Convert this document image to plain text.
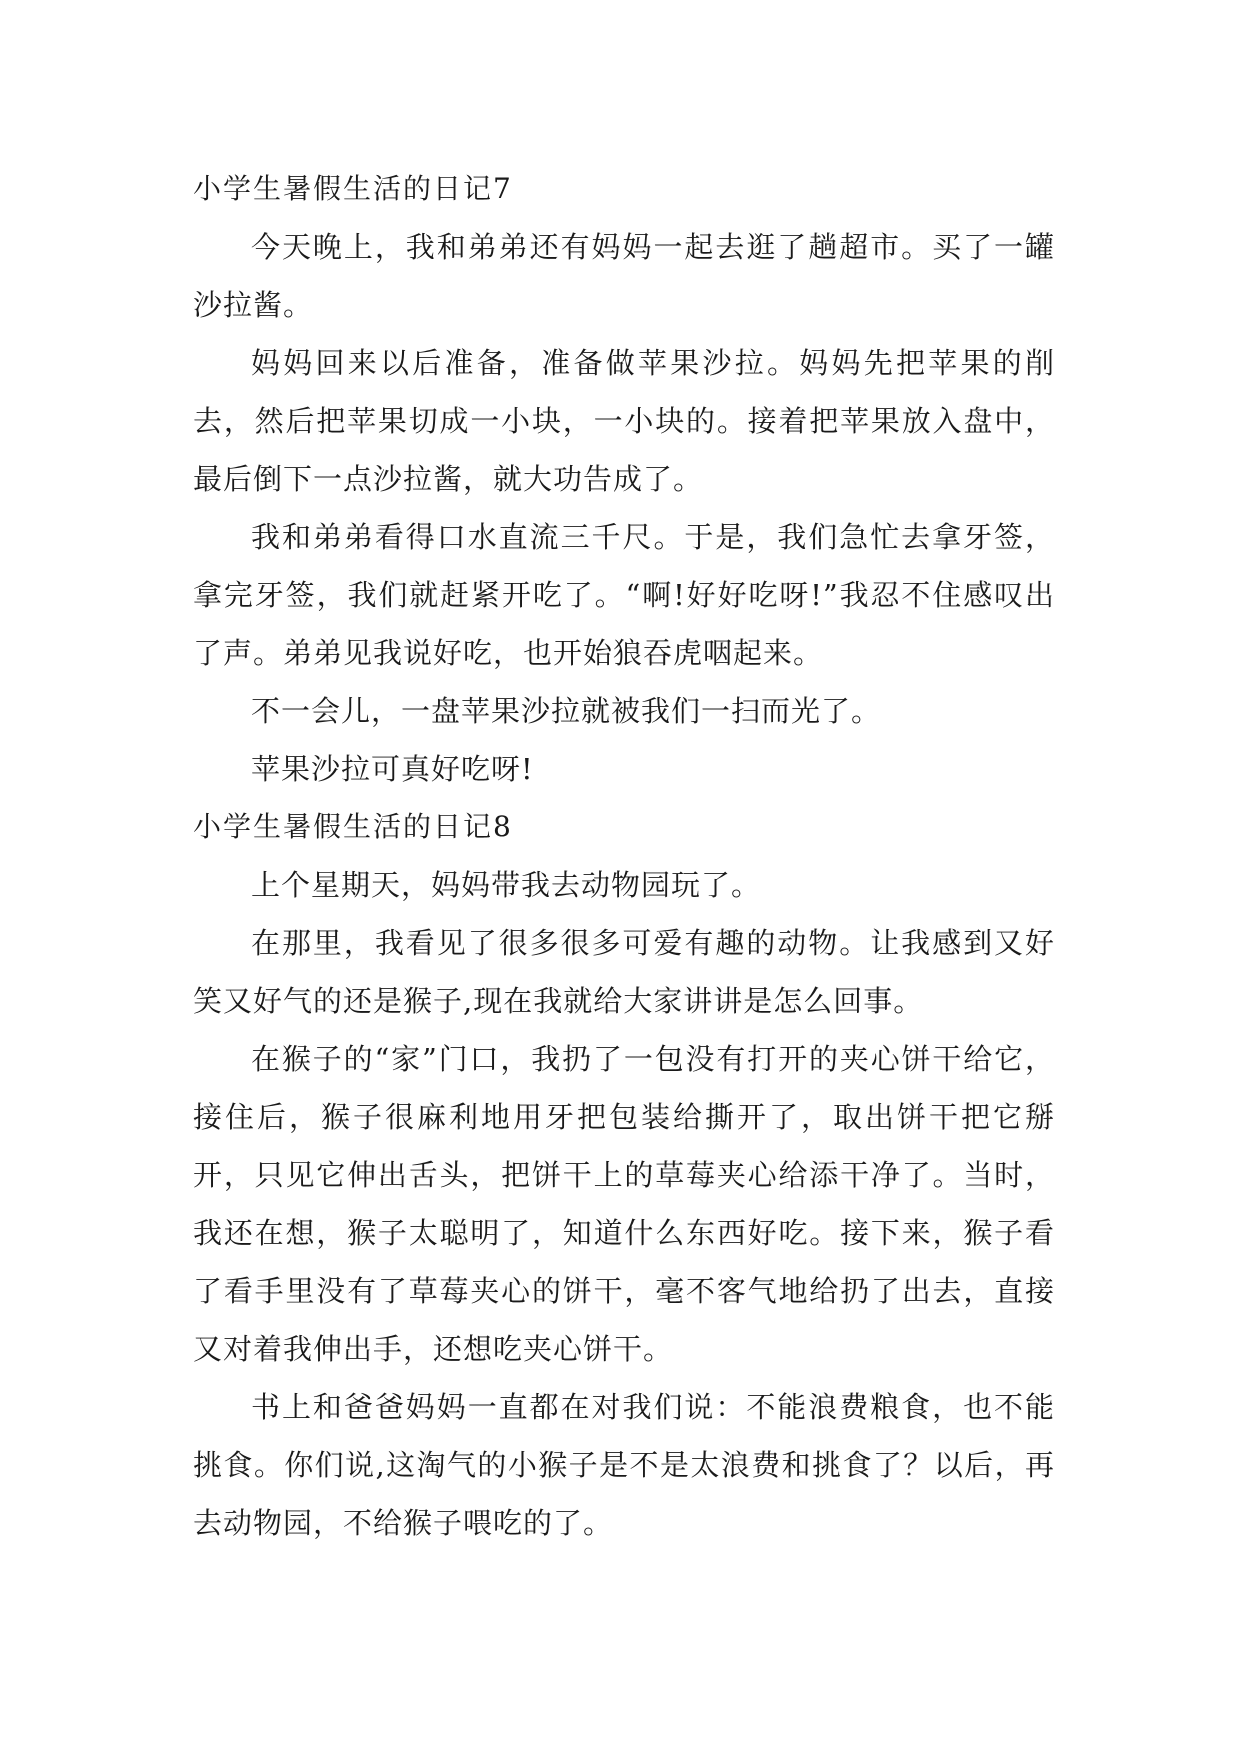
小学生暑假生活的日记7

今天晚上，我和弟弟还有妈妈一起去逛了趟超市。买了一罐沙拉酱。

妈妈回来以后准备，准备做苹果沙拉。妈妈先把苹果的削去，然后把苹果切成一小块，一小块的。接着把苹果放入盘中，最后倒下一点沙拉酱，就大功告成了。

我和弟弟看得口水直流三千尺。于是，我们急忙去拿牙签，拿完牙签，我们就赶紧开吃了。“啊!好好吃呀!”我忍不住感叹出了声。弟弟见我说好吃，也开始狼吞虎咽起来。

不一会儿，一盘苹果沙拉就被我们一扫而光了。

苹果沙拉可真好吃呀!

小学生暑假生活的日记8

上个星期天，妈妈带我去动物园玩了。

在那里，我看见了很多很多可爱有趣的动物。让我感到又好笑又好气的还是猴子,现在我就给大家讲讲是怎么回事。

在猴子的“家”门口，我扔了一包没有打开的夹心饼干给它，接住后，猴子很麻利地用牙把包装给撕开了，取出饼干把它掰开，只见它伸出舌头，把饼干上的草莓夹心给添干净了。当时，我还在想，猴子太聪明了，知道什么东西好吃。接下来，猴子看了看手里没有了草莓夹心的饼干，毫不客气地给扔了出去，直接又对着我伸出手，还想吃夹心饼干。

书上和爸爸妈妈一直都在对我们说：不能浪费粮食，也不能挑食。你们说,这淘气的小猴子是不是太浪费和挑食了？以后，再去动物园，不给猴子喂吃的了。
